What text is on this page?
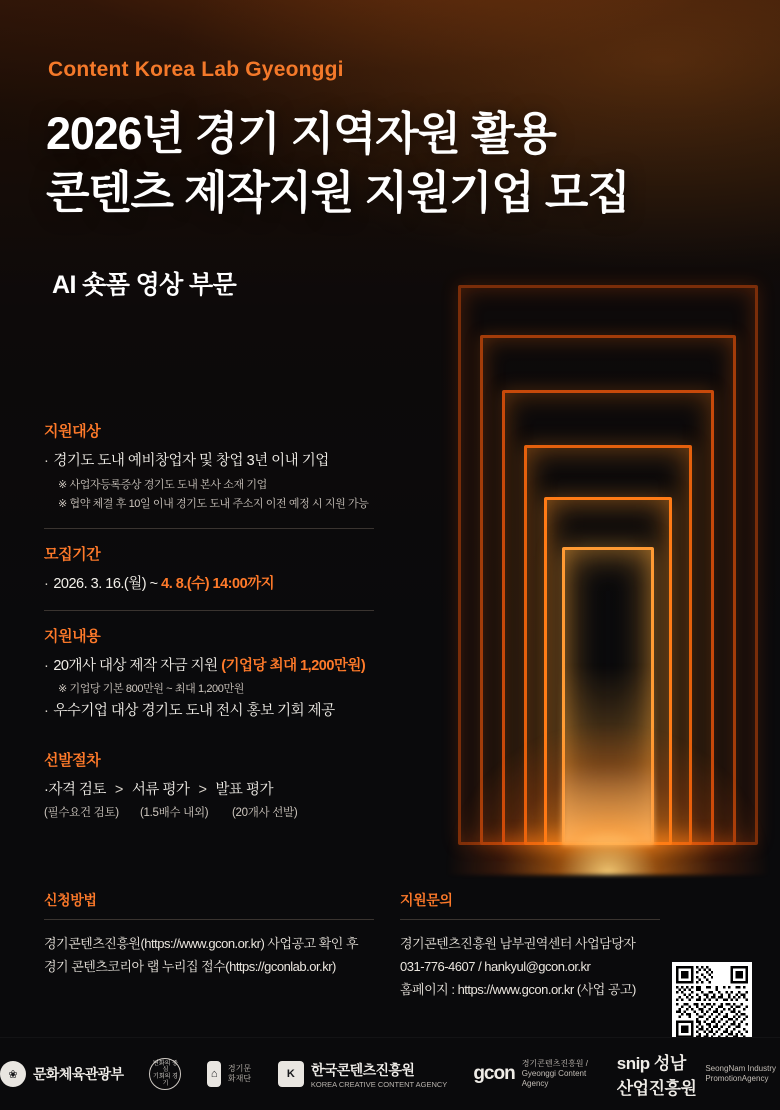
Content Korea Lab Gyeonggi
2026년 경기 지역자원 활용
콘텐츠 제작지원 지원기업 모집
AI 숏폼 영상 부문
지원대상
· 경기도 도내 예비창업자 및 창업 3년 이내 기업
※ 사업자등록증상 경기도 도내 본사 소재 기업
※ 협약 체결 후 10일 이내 경기도 도내 주소지 이전 예정 시 지원 가능
모집기간
· 2026. 3. 16.(월) ~ 4. 8.(수) 14:00까지
지원내용
· 20개사 대상 제작 자금 지원 (기업당 최대 1,200만원)
※ 기업당 기본 800만원 ~ 최대 1,200만원
· 우수기업 대상 경기도 도내 전시 홍보 기회 제공
선발절차
·자격 검토 > 서류 평가 > 발표 평가
(필수요건 검토) (1.5배수 내외) (20개사 선발)
신청방법
경기콘텐츠진흥원(https://www.gcon.or.kr) 사업공고 확인 후
경기 콘텐츠코리아 랩 누리집 접수(https://gconlab.or.kr)
지원문의
경기콘텐츠진흥원 남부권역센터 사업담당자
031-776-4607 / hankyul@gcon.or.kr
홈페이지 : https://www.gcon.or.kr (사업 공고)
❀	문화체육관광부
변화의 중심
기회의 경기
⌂	경기문화재단	K	한국콘텐츠진흥원
KOREA CREATIVE CONTENT AGENCY gcon 경기콘텐츠진흥원 / Gyeonggi Content Agency
snip 성남산업진흥원
SeongNam Industry PromotionAgency
